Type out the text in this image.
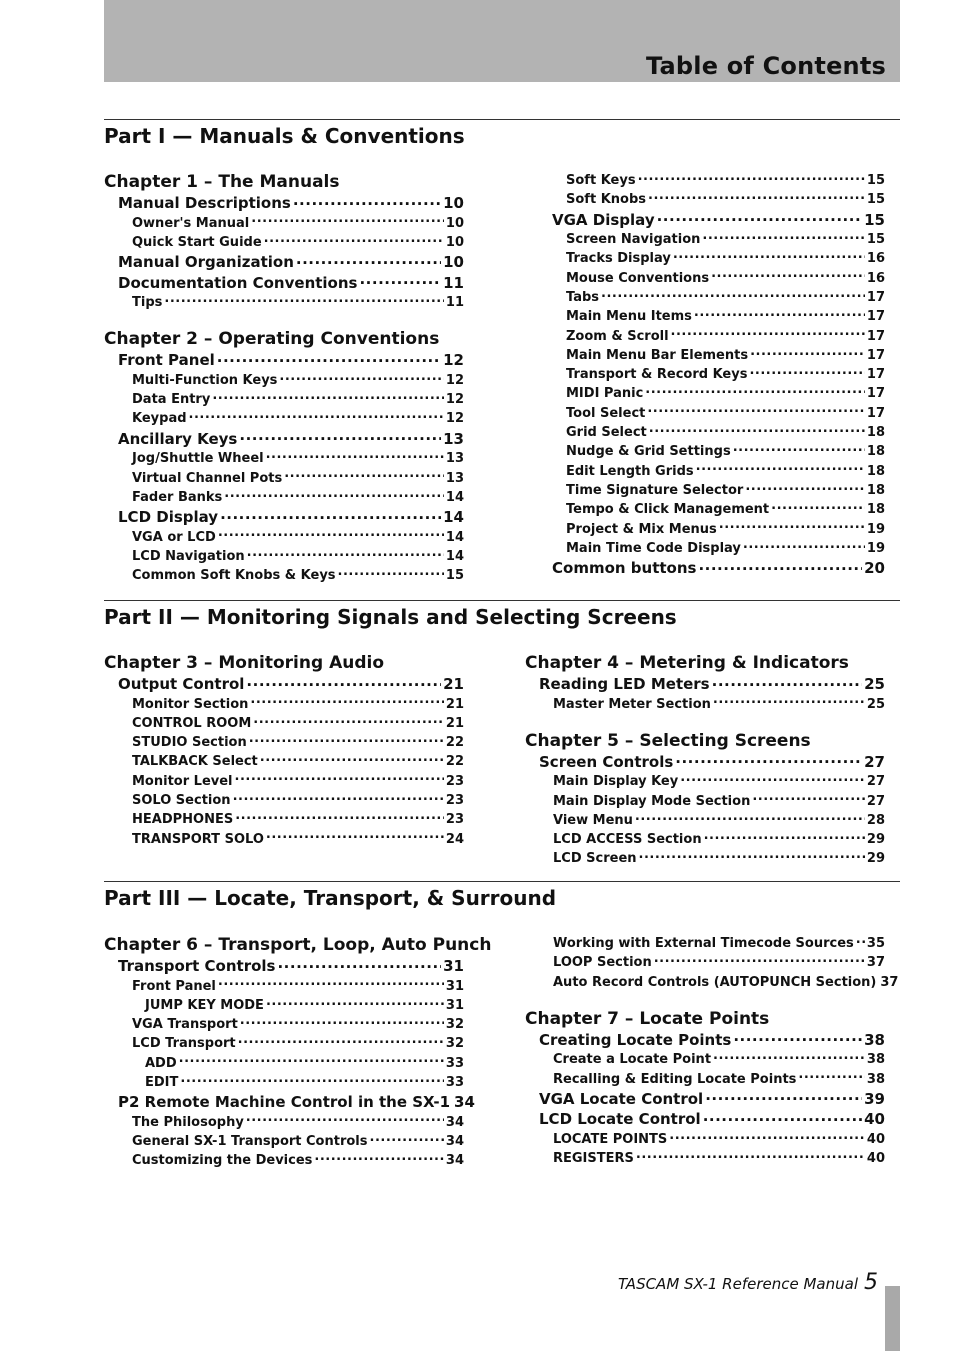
Table of Contents
Part I — Manuals & Conventions
Chapter 1 – The Manuals
Manual Descriptions .....	10
Owner's Manual .....	10
Quick Start Guide .....	10
Manual Organization .....	10
Documentation Conventions .....	11
Tips .....	11
Chapter 2 – Operating Conventions
Front Panel .....	12
Multi-Function Keys .....	12
Data Entry .....	12
Keypad .....	12
Ancillary Keys .....	13
Jog/Shuttle Wheel .....	13
Virtual Channel Pots .....	13
Fader Banks .....	14
LCD Display .....	14
VGA or LCD .....	14
LCD Navigation .....	14
Common Soft Knobs & Keys .....	15
Soft Keys .....	15
Soft Knobs .....	15
VGA Display .....	15
Screen Navigation .....	15
Tracks Display .....	16
Mouse Conventions .....	16
Tabs .....	17
Main Menu Items .....	17
Zoom & Scroll .....	17
Main Menu Bar Elements .....	17
Transport & Record Keys .....	17
MIDI Panic .....	17
Tool Select .....	17
Grid Select .....	18
Nudge & Grid Settings .....	18
Edit Length Grids .....	18
Time Signature Selector .....	18
Tempo & Click Management .....	18
Project & Mix Menus .....	19
Main Time Code Display .....	19
Common buttons .....	20
Part II — Monitoring Signals and Selecting Screens
Chapter 3 – Monitoring Audio
Output Control .....	21
Monitor Section .....	21
CONTROL ROOM .....	21
STUDIO Section .....	22
TALKBACK Select .....	22
Monitor Level .....	23
SOLO Section .....	23
HEADPHONES .....	23
TRANSPORT SOLO .....	24
Chapter 4 – Metering & Indicators
Reading LED Meters .....	25
Master Meter Section .....	25
Chapter 5 – Selecting Screens
Screen Controls .....	27
Main Display Key .....	27
Main Display Mode Section .....	27
View Menu .....	28
LCD ACCESS Section .....	29
LCD Screen .....	29
Part III — Locate, Transport, & Surround
Chapter 6 – Transport, Loop, Auto Punch
Transport Controls .....	31
Front Panel .....	31
JUMP KEY MODE .....	31
VGA Transport .....	32
LCD Transport .....	32
ADD .....	33
EDIT .....	33
P2 Remote Machine Control in the SX-1 34
The Philosophy .....	34
General SX-1 Transport Controls .....	34
Customizing the Devices .....	34
Working with External Timecode Sources ..... 35
LOOP Section .....	37
Auto Record Controls (AUTOPUNCH Section) 37
Chapter 7 – Locate Points
Creating Locate Points .....	38
Create a Locate Point .....	38
Recalling & Editing Locate Points .....	38
VGA Locate Control .....	39
LCD Locate Control .....	40
LOCATE POINTS .....	40
REGISTERS .....	40
TASCAM SX-1 Reference Manual 5
